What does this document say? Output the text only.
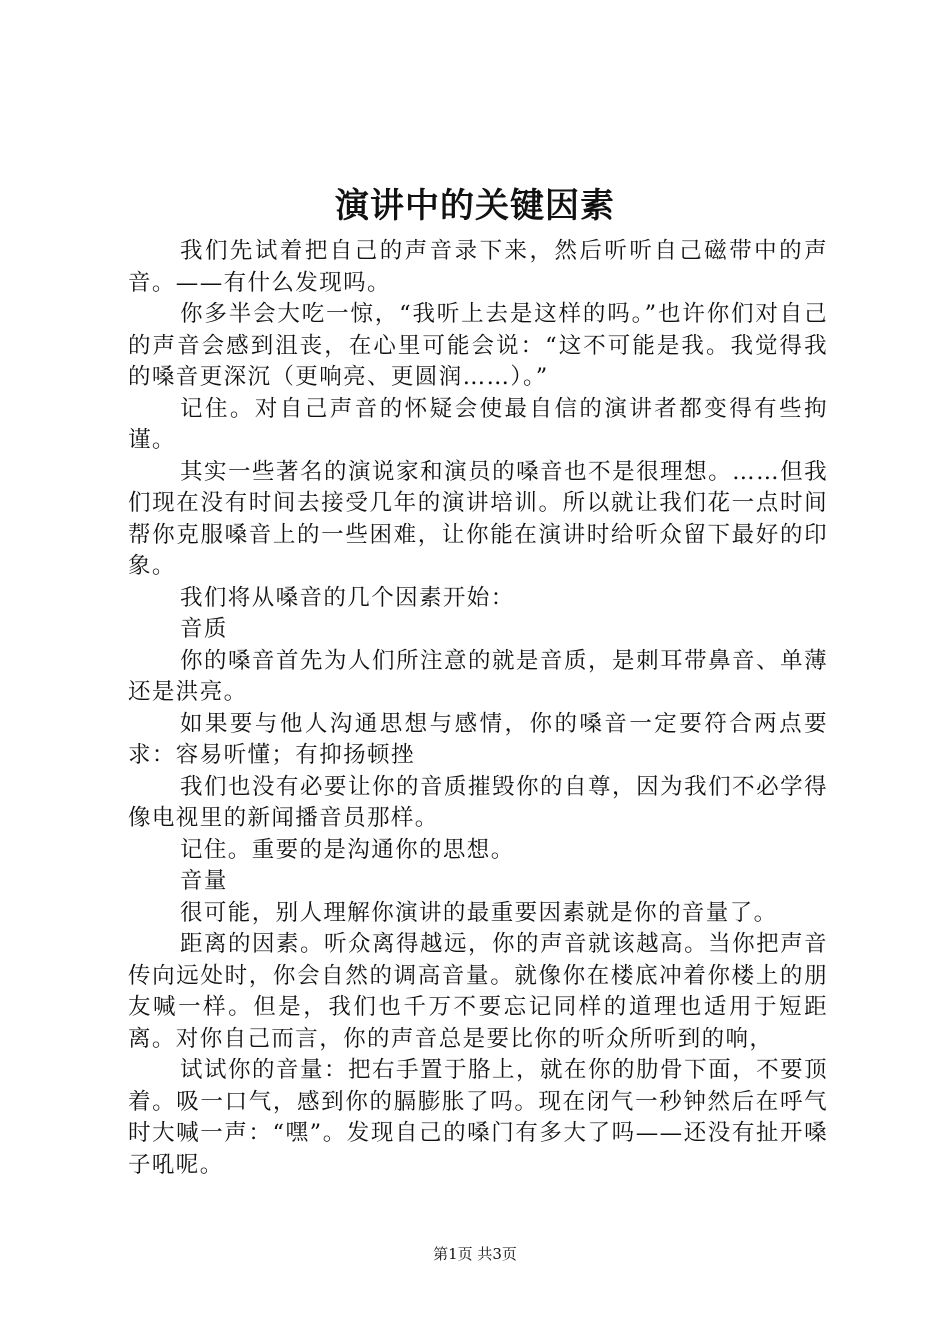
演讲中的关键因素

我们先试着把自己的声音录下来，然后听听自己磁带中的声音。——有什么发现吗。

你多半会大吃一惊，“我听上去是这样的吗。”也许你们对自己的声音会感到沮丧，在心里可能会说：“这不可能是我。我觉得我的嗓音更深沉（更响亮、更圆润……）。”

记住。对自己声音的怀疑会使最自信的演讲者都变得有些拘谨。

其实一些著名的演说家和演员的嗓音也不是很理想。……但我们现在没有时间去接受几年的演讲培训。所以就让我们花一点时间帮你克服嗓音上的一些困难，让你能在演讲时给听众留下最好的印象。

我们将从嗓音的几个因素开始：

音质

你的嗓音首先为人们所注意的就是音质，是刺耳带鼻音、单薄还是洪亮。

如果要与他人沟通思想与感情，你的嗓音一定要符合两点要求：容易听懂；有抑扬顿挫

我们也没有必要让你的音质摧毁你的自尊，因为我们不必学得像电视里的新闻播音员那样。

记住。重要的是沟通你的思想。

音量

很可能，别人理解你演讲的最重要因素就是你的音量了。

距离的因素。听众离得越远，你的声音就该越高。当你把声音传向远处时，你会自然的调高音量。就像你在楼底冲着你楼上的朋友喊一样。但是，我们也千万不要忘记同样的道理也适用于短距离。对你自己而言，你的声音总是要比你的听众所听到的响，

试试你的音量：把右手置于胳上，就在你的肋骨下面，不要顶着。吸一口气，感到你的膈膨胀了吗。现在闭气一秒钟然后在呼气时大喊一声：“嘿”。发现自己的嗓门有多大了吗——还没有扯开嗓子吼呢。

第1页 共3页
